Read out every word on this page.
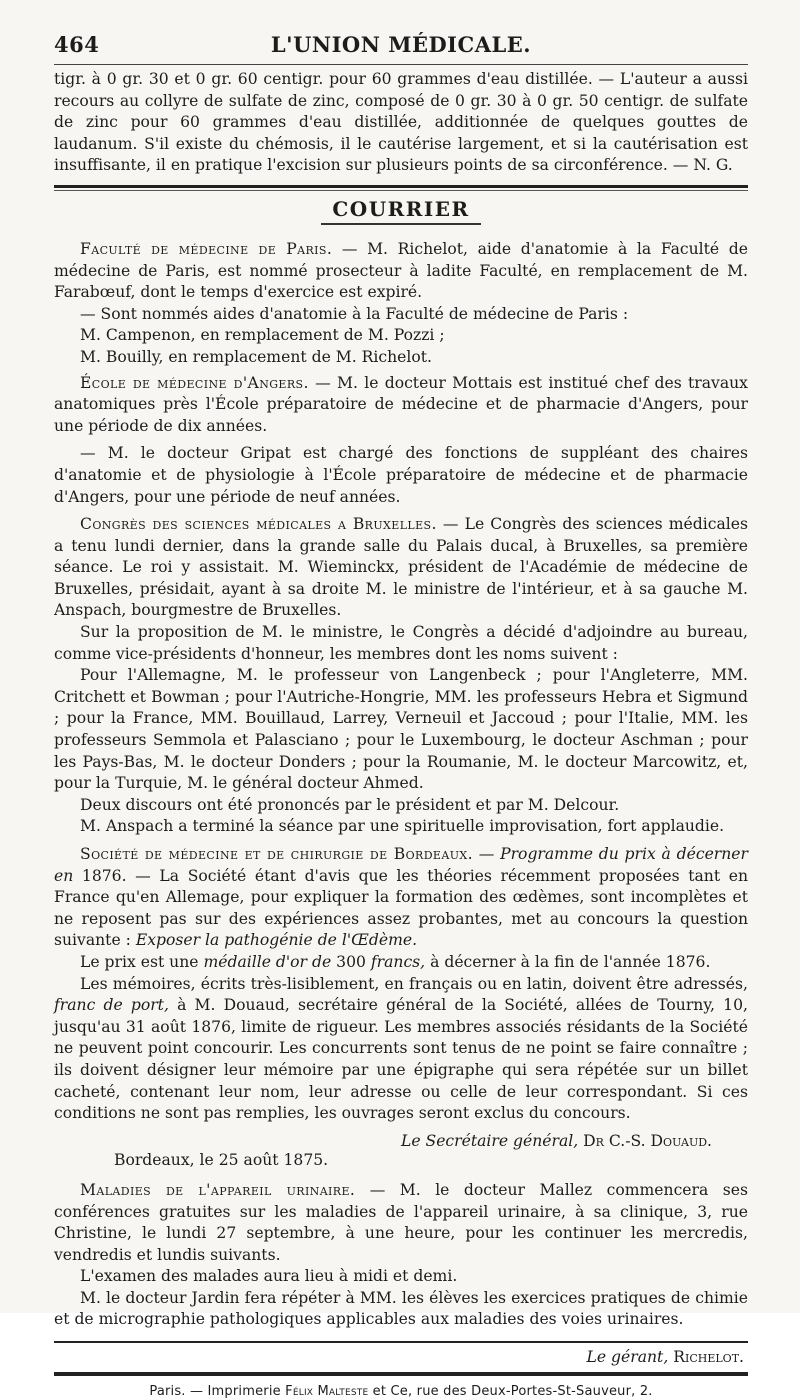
464	L'UNION MÉDICALE.

tigr. à 0 gr. 30 et 0 gr. 60 centigr. pour 60 grammes d'eau distillée. — L'auteur a aussi recours au collyre de sulfate de zinc, composé de 0 gr. 30 à 0 gr. 50 centigr. de sulfate de zinc pour 60 grammes d'eau distillée, additionnée de quelques gouttes de laudanum. S'il existe du chémosis, il le cautérise largement, et si la cautérisation est insuffisante, il en pratique l'excision sur plusieurs points de sa circonférence. — N. G.

COURRIER

Faculté de médecine de Paris. — M. Richelot, aide d'anatomie à la Faculté de médecine de Paris, est nommé prosecteur à ladite Faculté, en remplacement de M. Farabœuf, dont le temps d'exercice est expiré.

— Sont nommés aides d'anatomie à la Faculté de médecine de Paris :

M. Campenon, en remplacement de M. Pozzi ;

M. Bouilly, en remplacement de M. Richelot.

École de médecine d'Angers. — M. le docteur Mottais est institué chef des travaux anatomiques près l'École préparatoire de médecine et de pharmacie d'Angers, pour une période de dix années.

— M. le docteur Gripat est chargé des fonctions de suppléant des chaires d'anatomie et de physiologie à l'École préparatoire de médecine et de pharmacie d'Angers, pour une période de neuf années.

Congrès des sciences médicales a Bruxelles. — Le Congrès des sciences médicales a tenu lundi dernier, dans la grande salle du Palais ducal, à Bruxelles, sa première séance. Le roi y assistait. M. Wieminckx, président de l'Académie de médecine de Bruxelles, présidait, ayant à sa droite M. le ministre de l'intérieur, et à sa gauche M. Anspach, bourgmestre de Bruxelles.

Sur la proposition de M. le ministre, le Congrès a décidé d'adjoindre au bureau, comme vice-présidents d'honneur, les membres dont les noms suivent :

Pour l'Allemagne, M. le professeur von Langenbeck ; pour l'Angleterre, MM. Critchett et Bowman ; pour l'Autriche-Hongrie, MM. les professeurs Hebra et Sigmund ; pour la France, MM. Bouillaud, Larrey, Verneuil et Jaccoud ; pour l'Italie, MM. les professeurs Semmola et Palasciano ; pour le Luxembourg, le docteur Aschman ; pour les Pays-Bas, M. le docteur Donders ; pour la Roumanie, M. le docteur Marcowitz, et, pour la Turquie, M. le général docteur Ahmed.

Deux discours ont été prononcés par le président et par M. Delcour.

M. Anspach a terminé la séance par une spirituelle improvisation, fort applaudie.

Société de médecine et de chirurgie de Bordeaux. — Programme du prix à décerner en 1876. — La Société étant d'avis que les théories récemment proposées tant en France qu'en Allemage, pour expliquer la formation des œdèmes, sont incomplètes et ne reposent pas sur des expériences assez probantes, met au concours la question suivante : Exposer la pathogénie de l'Œdème.

Le prix est une médaille d'or de 300 francs, à décerner à la fin de l'année 1876.

Les mémoires, écrits très-lisiblement, en français ou en latin, doivent être adressés, franc de port, à M. Douaud, secrétaire général de la Société, allées de Tourny, 10, jusqu'au 31 août 1876, limite de rigueur. Les membres associés résidants de la Société ne peuvent point concourir. Les concurrents sont tenus de ne point se faire connaître ; ils doivent désigner leur mémoire par une épigraphe qui sera répétée sur un billet cacheté, contenant leur nom, leur adresse ou celle de leur correspondant. Si ces conditions ne sont pas remplies, les ouvrages seront exclus du concours.

Le Secrétaire général, Dr C.-S. Douaud.

Bordeaux, le 25 août 1875.

Maladies de l'appareil urinaire. — M. le docteur Mallez commencera ses conférences gratuites sur les maladies de l'appareil urinaire, à sa clinique, 3, rue Christine, le lundi 27 septembre, à une heure, pour les continuer les mercredis, vendredis et lundis suivants.

L'examen des malades aura lieu à midi et demi.

M. le docteur Jardin fera répéter à MM. les élèves les exercices pratiques de chimie et de micrographie pathologiques applicables aux maladies des voies urinaires.

Le gérant, Richelot.
Paris. — Imprimerie Félix Malteste et Ce, rue des Deux-Portes-St-Sauveur, 2.
